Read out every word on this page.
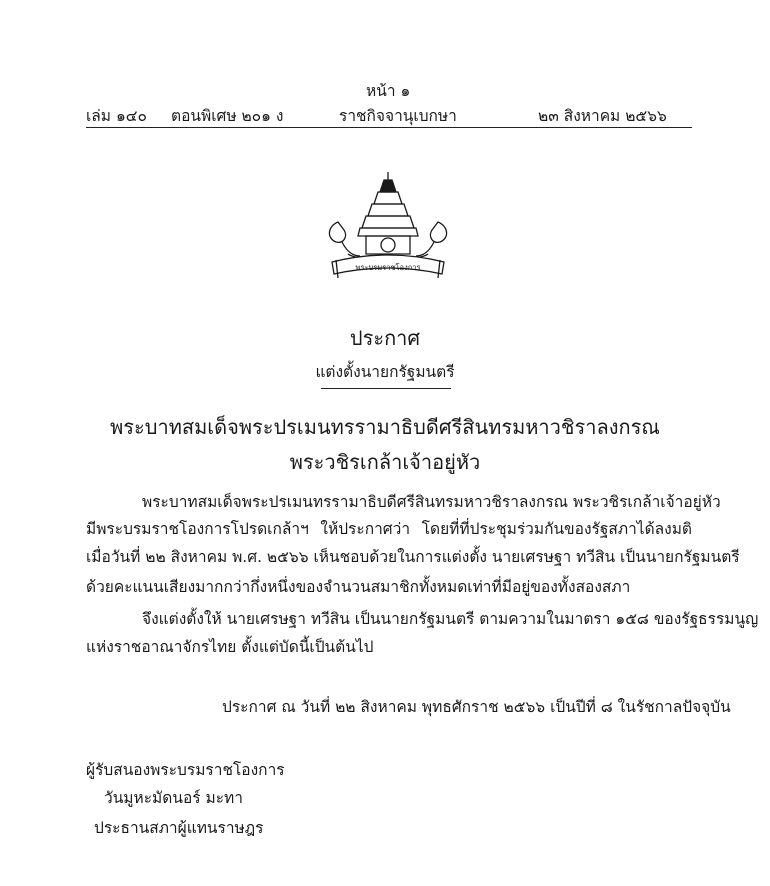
หน้า ๑
เล่ม ๑๔๐ ตอนพิเศษ ๒๐๑ ง	ราชกิจจานุเบกษา	๒๓ สิงหาคม ๒๕๖๖
พระบรมราชโองการ
ประกาศ
แต่งตั้งนายกรัฐมนตรี
พระบาทสมเด็จพระปรเมนทรรามาธิบดีศรีสินทรมหาวชิราลงกรณ
พระวชิรเกล้าเจ้าอยู่หัว
พระบาทสมเด็จพระปรเมนทรรามาธิบดีศรีสินทรมหาวชิราลงกรณ พระวชิรเกล้าเจ้าอยู่หัว
มีพระบรมราชโองการโปรดเกล้าฯ ให้ประกาศว่า โดยที่ที่ประชุมร่วมกันของรัฐสภาได้ลงมติ
เมื่อวันที่ ๒๒ สิงหาคม พ.ศ. ๒๕๖๖ เห็นชอบด้วยในการแต่งตั้ง นายเศรษฐา ทวีสิน เป็นนายกรัฐมนตรี
ด้วยคะแนนเสียงมากกว่ากึ่งหนึ่งของจำนวนสมาชิกทั้งหมดเท่าที่มีอยู่ของทั้งสองสภา
จึงแต่งตั้งให้ นายเศรษฐา ทวีสิน เป็นนายกรัฐมนตรี ตามความในมาตรา ๑๕๘ ของรัฐธรรมนูญ
แห่งราชอาณาจักรไทย ตั้งแต่บัดนี้เป็นต้นไป
ประกาศ ณ วันที่ ๒๒ สิงหาคม พุทธศักราช ๒๕๖๖ เป็นปีที่ ๘ ในรัชกาลปัจจุบัน
ผู้รับสนองพระบรมราชโองการ
วันมูหะมัดนอร์ มะทา
ประธานสภาผู้แทนราษฎร
